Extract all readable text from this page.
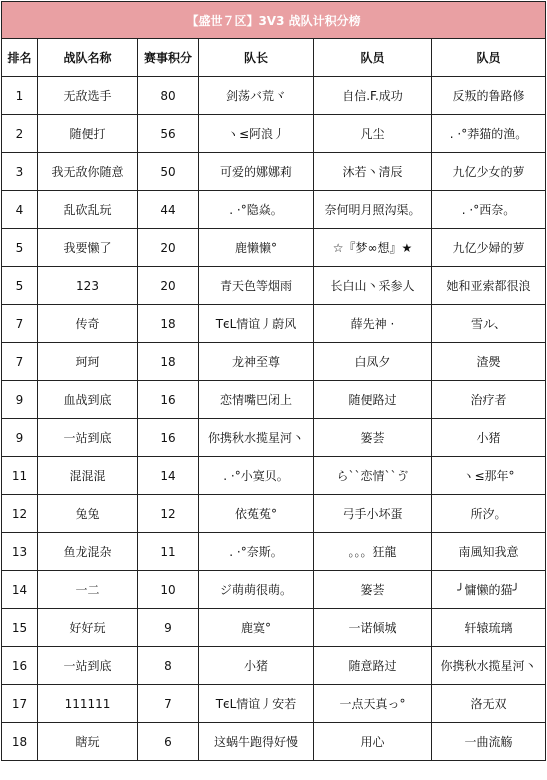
【盛世７区】3V3 战队计积分榜					
排名	战队名称	赛事积分	队长	队员	队员
1	无敌选手	80	剑荡バ荒ヾ	自信.F.成功	反叛的鲁路修
2	随便打	56	ヽ≤阿浪丿	凡尘	. ·°莽猫的渔。
3	我无敌你随意	50	可爱的娜娜莉	沐若丶清辰	九亿少女的萝
4	乱砍乱玩	44	. ·°隐焱。	奈何明月照沟渠。	. ·°西奈。
5	我要懒了	20	鹿懒懒°	☆『梦∞想』★	九亿少婦的萝
5	123	20	青天色等烟雨	长白山丶采参人	她和亚索都很浪
7	传奇	18	TєL情谊丿蔚风	薛先神 ·	雪ル、
7	珂珂	18	龙神至尊	白凤夕	渣爂
9	血战到底	16	恋情嘴巴闭上	随便路过	治疗者
9	一站到底	16	你携秋水揽星河丶	篓荟	小猪
11	混混混	14	. ·°小寞贝。	ら``恋情``ゔ	ヽ≤那年°
12	兔兔	12	依菟菟°	弓手小坏蛋	所汐。
13	鱼龙混杂	11	. ·°奈斯。	。。。狂龍	南風知我意
14	一二	10	ジ萌萌很萌。	篓荟	╯慵懒的猫╯
15	好好玩	9	鹿寞°	一诺倾城	轩辕琉璃
16	一站到底	8	小猪	随意路过	你携秋水揽星河丶
17	111111	7	TєL情谊丿安若	一点天真っ°	洛无双
18	瞎玩	6	这蜗牛跑得好慢	用心	一曲流觞
